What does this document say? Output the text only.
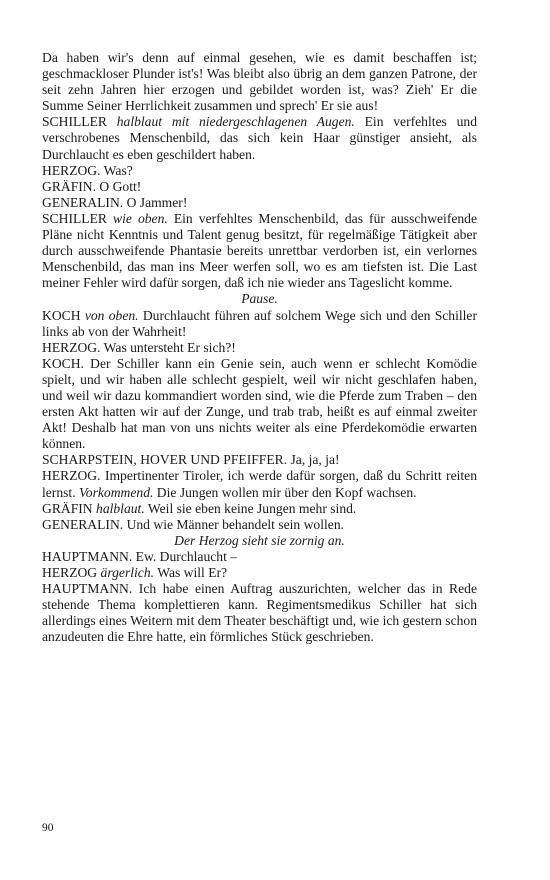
Da haben wir's denn auf einmal gesehen, wie es damit beschaffen ist; geschmackloser Plunder ist's! Was bleibt also übrig an dem ganzen Patrone, der seit zehn Jahren hier erzogen und gebildet worden ist, was? Zieh' Er die Summe Seiner Herrlichkeit zusammen und sprech' Er sie aus!

SCHILLER halblaut mit niedergeschlagenen Augen. Ein verfehltes und verschrobenes Menschenbild, das sich kein Haar günstiger ansieht, als Durchlaucht es eben geschildert haben.

HERZOG. Was?

GRÄFIN. O Gott!

GENERALIN. O Jammer!

SCHILLER wie oben. Ein verfehltes Menschenbild, das für ausschweifende Pläne nicht Kenntnis und Talent genug besitzt, für regelmäßige Tätigkeit aber durch ausschweifende Phantasie bereits unrettbar verdorben ist, ein verlornes Menschenbild, das man ins Meer werfen soll, wo es am tiefsten ist. Die Last meiner Fehler wird dafür sorgen, daß ich nie wieder ans Tageslicht komme.

Pause.

KOCH von oben. Durchlaucht führen auf solchem Wege sich und den Schiller links ab von der Wahrheit!

HERZOG. Was untersteht Er sich?!

KOCH. Der Schiller kann ein Genie sein, auch wenn er schlecht Komödie spielt, und wir haben alle schlecht gespielt, weil wir nicht geschlafen haben, und weil wir dazu kommandiert worden sind, wie die Pferde zum Traben – den ersten Akt hatten wir auf der Zunge, und trab trab, heißt es auf einmal zweiter Akt! Deshalb hat man von uns nichts weiter als eine Pferdekomödie erwarten können.

SCHARPSTEIN, HOVER UND PFEIFFER. Ja, ja, ja!

HERZOG. Impertinenter Tiroler, ich werde dafür sorgen, daß du Schritt reiten lernst. Vorkommend. Die Jungen wollen mir über den Kopf wachsen.

GRÄFIN halblaut. Weil sie eben keine Jungen mehr sind.

GENERALIN. Und wie Männer behandelt sein wollen.

Der Herzog sieht sie zornig an.

HAUPTMANN. Ew. Durchlaucht –

HERZOG ärgerlich. Was will Er?

HAUPTMANN. Ich habe einen Auftrag auszurichten, welcher das in Rede stehende Thema komplettieren kann. Regimentsmedikus Schiller hat sich allerdings eines Weitern mit dem Theater beschäftigt und, wie ich gestern schon anzudeuten die Ehre hatte, ein förmliches Stück geschrieben.

90
